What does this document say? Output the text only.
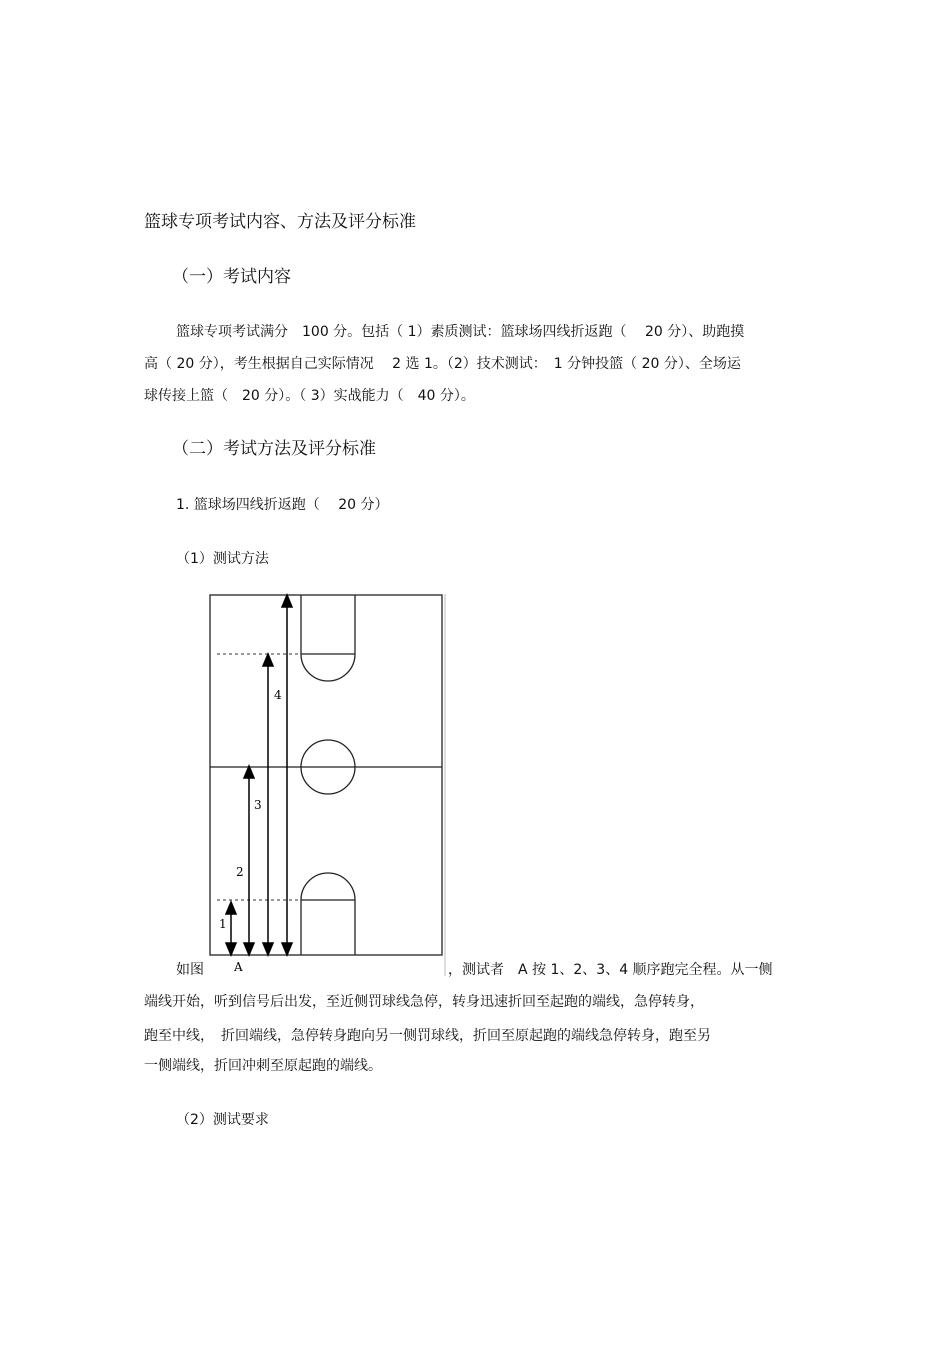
篮球专项考试内容、方法及评分标准
（一）考试内容
篮球专项考试满分　100 分。包括（ 1）素质测试：篮球场四线折返跑（　 20 分）、助跑摸
高（ 20 分），考生根据自己实际情况　 2 选 1。（2）技术测试：　1 分钟投篮（ 20 分）、全场运
球传接上篮（　20 分）。（ 3）实战能力（　40 分）。
（二）考试方法及评分标准
1. 篮球场四线折返跑（　 20 分）
（1）测试方法
1
2
3
4
A
如图	，测试者　A 按 1、2、3、4 顺序跑完全程。从一侧
端线开始，听到信号后出发，至近侧罚球线急停，转身迅速折回至起跑的端线，急停转身，
跑至中线，　折回端线，急停转身跑向另一侧罚球线，折回至原起跑的端线急停转身，跑至另
一侧端线，折回冲刺至原起跑的端线。
（2）测试要求
